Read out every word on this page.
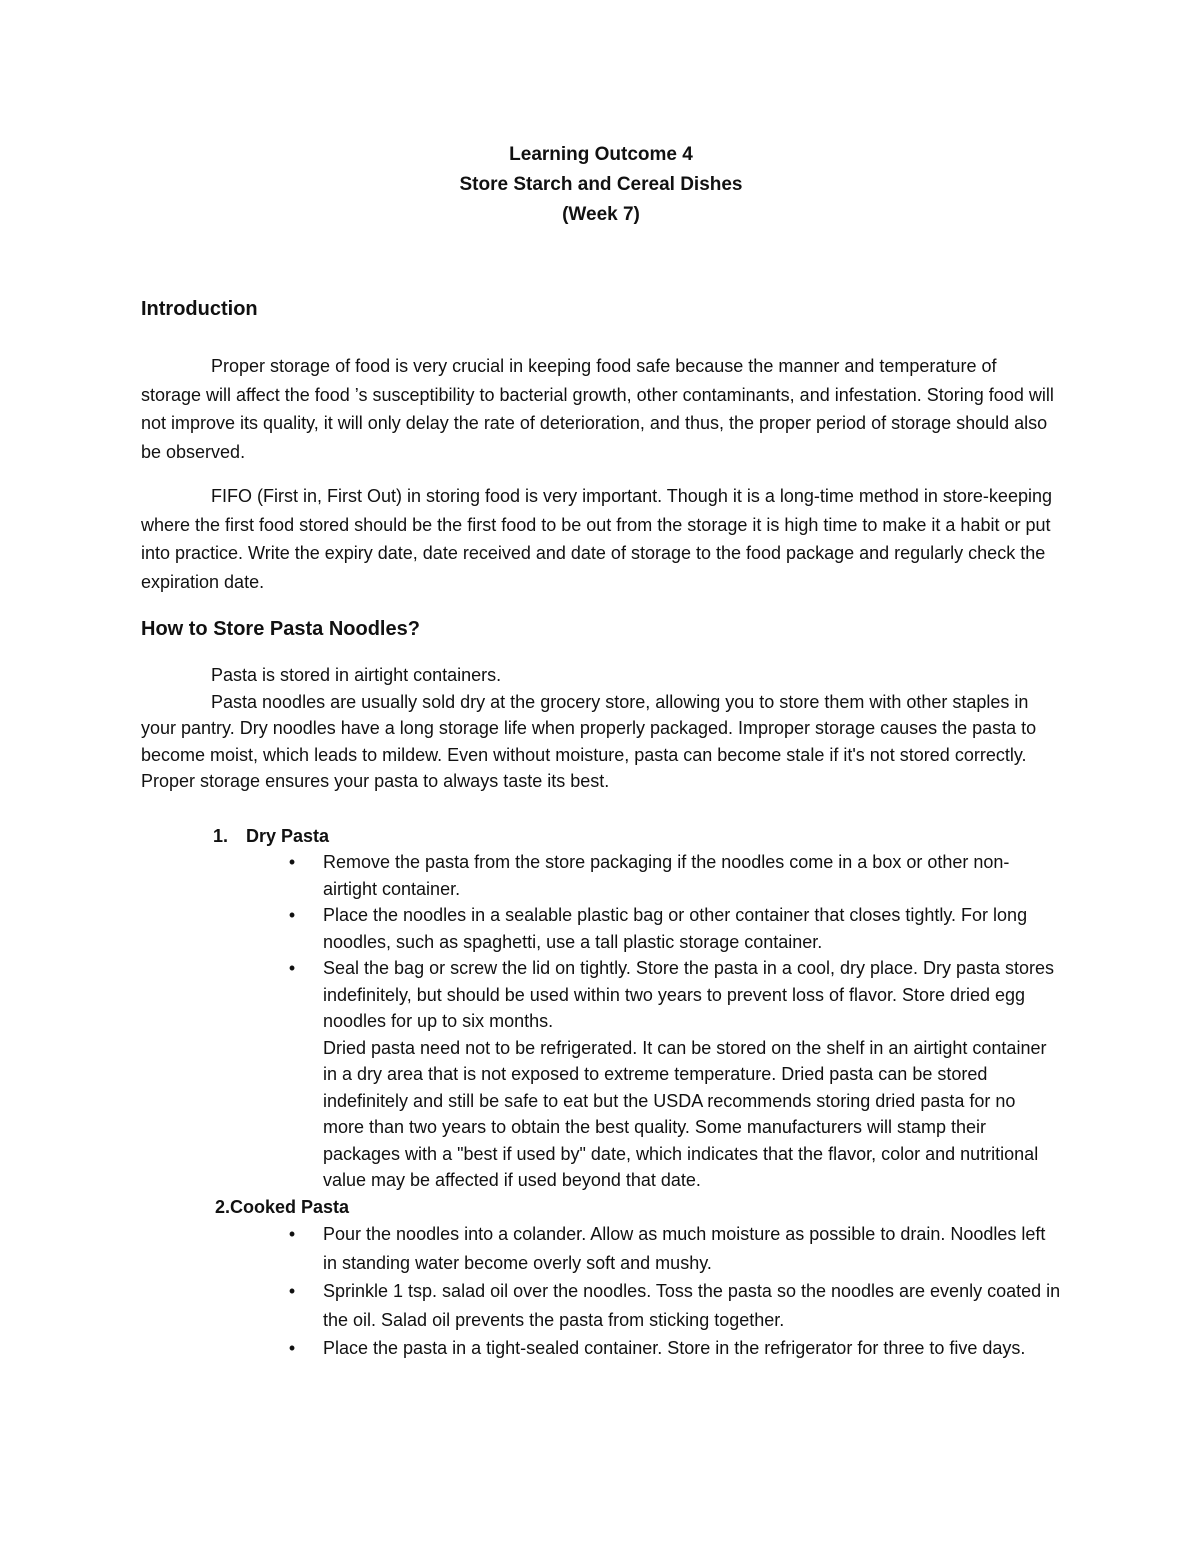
Learning Outcome 4
Store Starch and Cereal Dishes
(Week 7)
Introduction

Proper storage of food is very crucial in keeping food safe because the manner and temperature of storage will affect the food ’s susceptibility to bacterial growth, other contaminants, and infestation. Storing food will not improve its quality, it will only delay the rate of deterioration, and thus, the proper period of storage should also be observed.

FIFO (First in, First Out) in storing food is very important. Though it is a long-time method in store-keeping where the first food stored should be the first food to be out from the storage it is high time to make it a habit or put into practice. Write the expiry date, date received and date of storage to the food package and regularly check the expiration date.

How to Store Pasta Noodles?
Pasta is stored in airtight containers.
Pasta noodles are usually sold dry at the grocery store, allowing you to store them with other staples in your pantry. Dry noodles have a long storage life when properly packaged. Improper storage causes the pasta to become moist, which leads to mildew. Even without moisture, pasta can become stale if it's not stored correctly. Proper storage ensures your pasta to always taste its best.
1. Dry Pasta
• Remove the pasta from the store packaging if the noodles come in a box or other non-airtight container.
• Place the noodles in a sealable plastic bag or other container that closes tightly. For long noodles, such as spaghetti, use a tall plastic storage container.
• Seal the bag or screw the lid on tightly. Store the pasta in a cool, dry place. Dry pasta stores indefinitely, but should be used within two years to prevent loss of flavor. Store dried egg noodles for up to six months.
Dried pasta need not to be refrigerated. It can be stored on the shelf in an airtight container in a dry area that is not exposed to extreme temperature. Dried pasta can be stored indefinitely and still be safe to eat but the USDA recommends storing dried pasta for no more than two years to obtain the best quality. Some manufacturers will stamp their packages with a "best if used by" date, which indicates that the flavor, color and nutritional value may be affected if used beyond that date.
2.Cooked Pasta
• Pour the noodles into a colander. Allow as much moisture as possible to drain. Noodles left in standing water become overly soft and mushy.
• Sprinkle 1 tsp. salad oil over the noodles. Toss the pasta so the noodles are evenly coated in the oil. Salad oil prevents the pasta from sticking together.
• Place the pasta in a tight-sealed container. Store in the refrigerator for three to five days.
